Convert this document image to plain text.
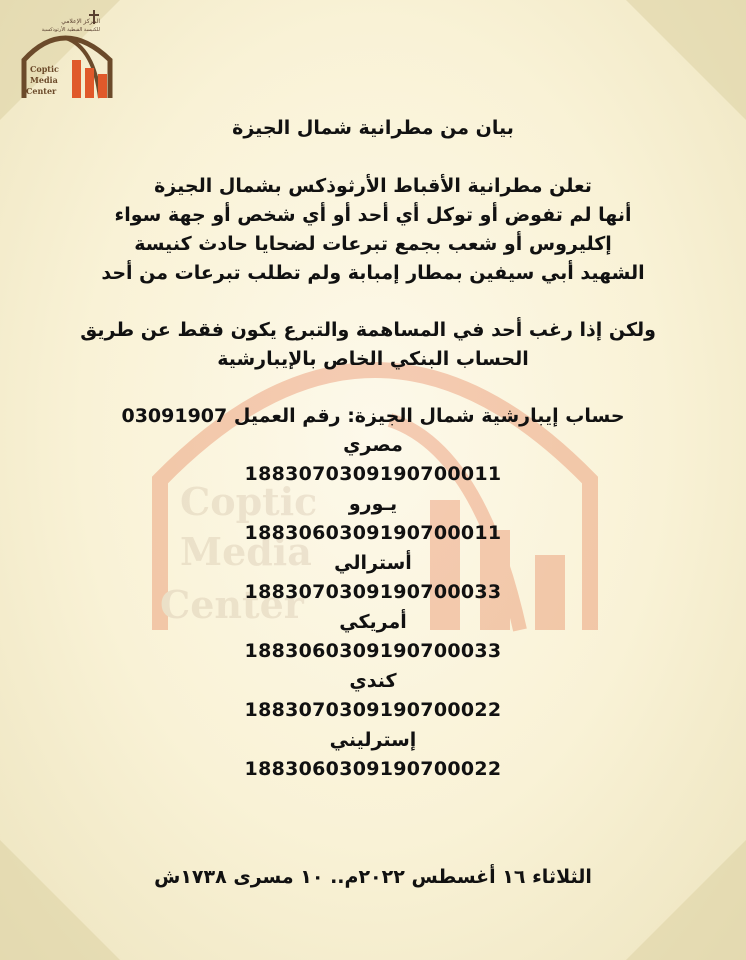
Coptic
Media
Center
المركز الإعلامي
للكنيسة القبطية الأرثوذكسية
Coptic
Media
Center
بيان من مطرانية شمال الجيزة
تعلن مطرانية الأقباط الأرثوذكس بشمال الجيزة
أنها لم تفوض أو توكل أي أحد أو أي شخص أو جهة سواء
إكليروس أو شعب بجمع تبرعات لضحايا حادث كنيسة
الشهيد أبي سيفين بمطار إمبابة ولم تطلب تبرعات من أحد
ولكن إذا رغب أحد في المساهمة والتبرع يكون فقط عن طريق
الحساب البنكي الخاص بالإيبارشية
حساب إيبارشية شمال الجيزة: رقم العميل 03091907
مصري
1883070309190700011
يـورو
1883060309190700011
أسترالي
1883070309190700033
أمريكي
1883060309190700033
كندي
1883070309190700022
إسترليني
1883060309190700022
الثلاثاء ١٦ أغسطس ٢٠٢٢م.. ١٠ مسرى ١٧٣٨ش
